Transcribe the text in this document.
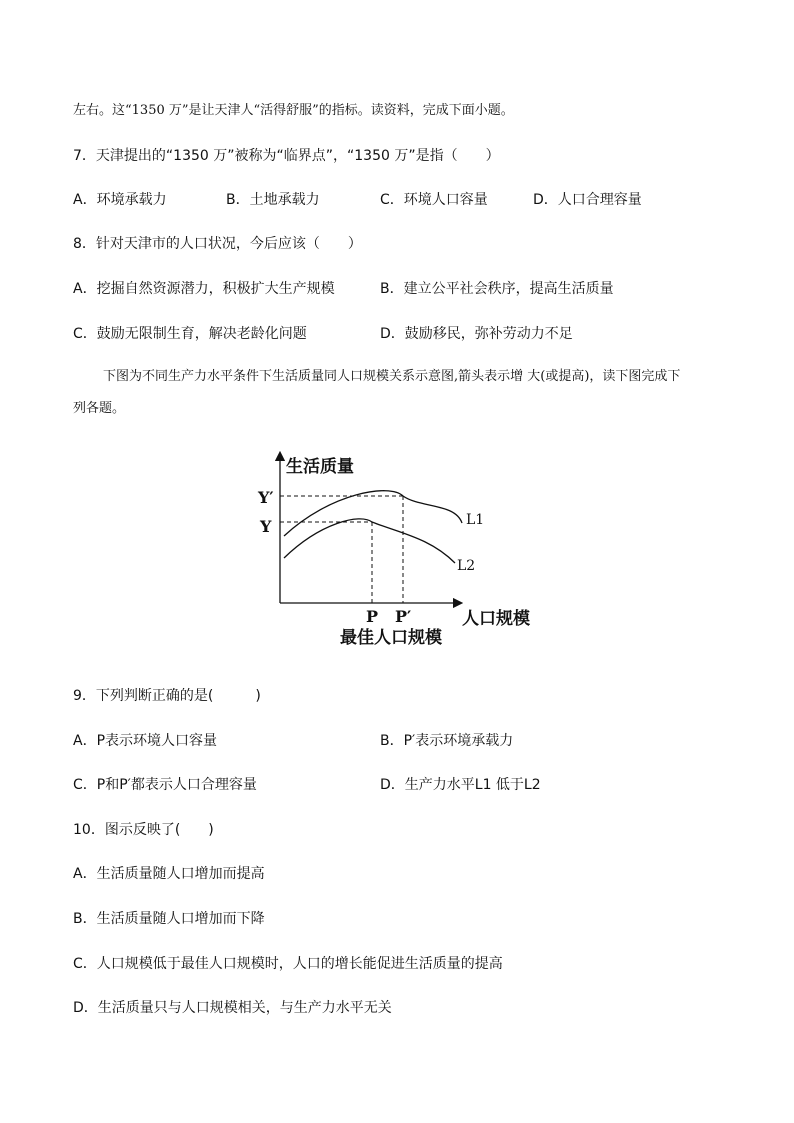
左右。这“1350 万”是让天津人“活得舒服”的指标。读资料，完成下面小题。
7．天津提出的“1350 万”被称为“临界点”，“1350 万”是指（　　）
A．环境承载力	B．土地承载力	C．环境人口容量	D．人口合理容量
8．针对天津市的人口状况，今后应该（　　）
A．挖掘自然资源潜力，积极扩大生产规模	B．建立公平社会秩序，提高生活质量
C．鼓励无限制生育，解决老龄化问题	D．鼓励移民，弥补劳动力不足
下图为不同生产力水平条件下生活质量同人口规模关系示意图,箭头表示增 大(或提高)，读下图完成下
列各题。
生活质量
人口规模
Y′
Y
P P′
L1
L2
最佳人口规模
9．下列判断正确的是(　　　)
A．P表示环境人口容量	B．P′表示环境承载力
C．P和P′都表示人口合理容量	D．生产力水平L1 低于L2
10．图示反映了(　　)
A．生活质量随人口增加而提高
B．生活质量随人口增加而下降
C．人口规模低于最佳人口规模时，人口的增长能促进生活质量的提高
D．生活质量只与人口规模相关，与生产力水平无关
